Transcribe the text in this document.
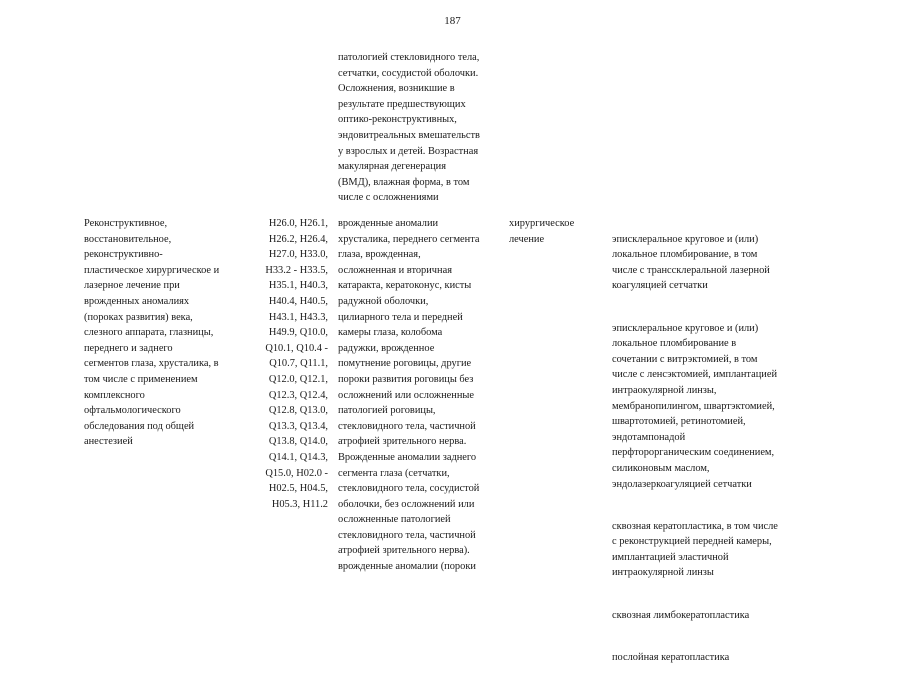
187
патологией стекловидного тела,
сетчатки, сосудистой оболочки.
Осложнения, возникшие в
результате предшествующих
оптико-реконструктивных,
эндовитреальных вмешательств
у взрослых и детей. Возрастная
макулярная дегенерация
(ВМД), влажная форма, в том
числе с осложнениями
Реконструктивное,
восстановительное,
реконструктивно-
пластическое хирургическое и
лазерное лечение при
врожденных аномалиях
(пороках развития) века,
слезного аппарата, глазницы,
переднего и заднего
сегментов глаза, хрусталика, в
том числе с применением
комплексного
офтальмологического
обследования под общей
анестезией
H26.0, H26.1,
H26.2, H26.4,
H27.0, H33.0,
H33.2 - H33.5,
H35.1, H40.3,
H40.4, H40.5,
H43.1, H43.3,
H49.9, Q10.0,
Q10.1, Q10.4 -
Q10.7, Q11.1,
Q12.0, Q12.1,
Q12.3, Q12.4,
Q12.8, Q13.0,
Q13.3, Q13.4,
Q13.8, Q14.0,
Q14.1, Q14.3,
Q15.0, H02.0 -
H02.5, H04.5,
H05.3, H11.2
врожденные аномалии
хрусталика, переднего сегмента
глаза, врожденная,
осложненная и вторичная
катаракта, кератоконус, кисты
радужной оболочки,
цилиарного тела и передней
камеры глаза, колобома
радужки, врожденное
помутнение роговицы, другие
пороки развития роговицы без
осложнений или осложненные
патологией роговицы,
стекловидного тела, частичной
атрофией зрительного нерва.
Врожденные аномалии заднего
сегмента глаза (сетчатки,
стекловидного тела, сосудистой
оболочки, без осложнений или
осложненные патологией
стекловидного тела, частичной
атрофией зрительного нерва).
врожденные аномалии (пороки
хирургическое
лечение	эписклеральное круговое и (или)
локальное пломбирование, в том
числе с транссклеральной лазерной
коагуляцией сетчатки

эписклеральное круговое и (или)
локальное пломбирование в
сочетании с витрэктомией, в том
числе с ленсэктомией, имплантацией
интраокулярной линзы,
мембранопилингом, швартэктомией,
швартотомией, ретинотомией,
эндотампонадой
перфторорганическим соединением,
силиконовым маслом,
эндолазеркоагуляцией сетчатки

сквозная кератопластика, в том числе
с реконструкцией передней камеры,
имплантацией эластичной
интраокулярной линзы

сквозная лимбокератопластика

послойная кератопластика
